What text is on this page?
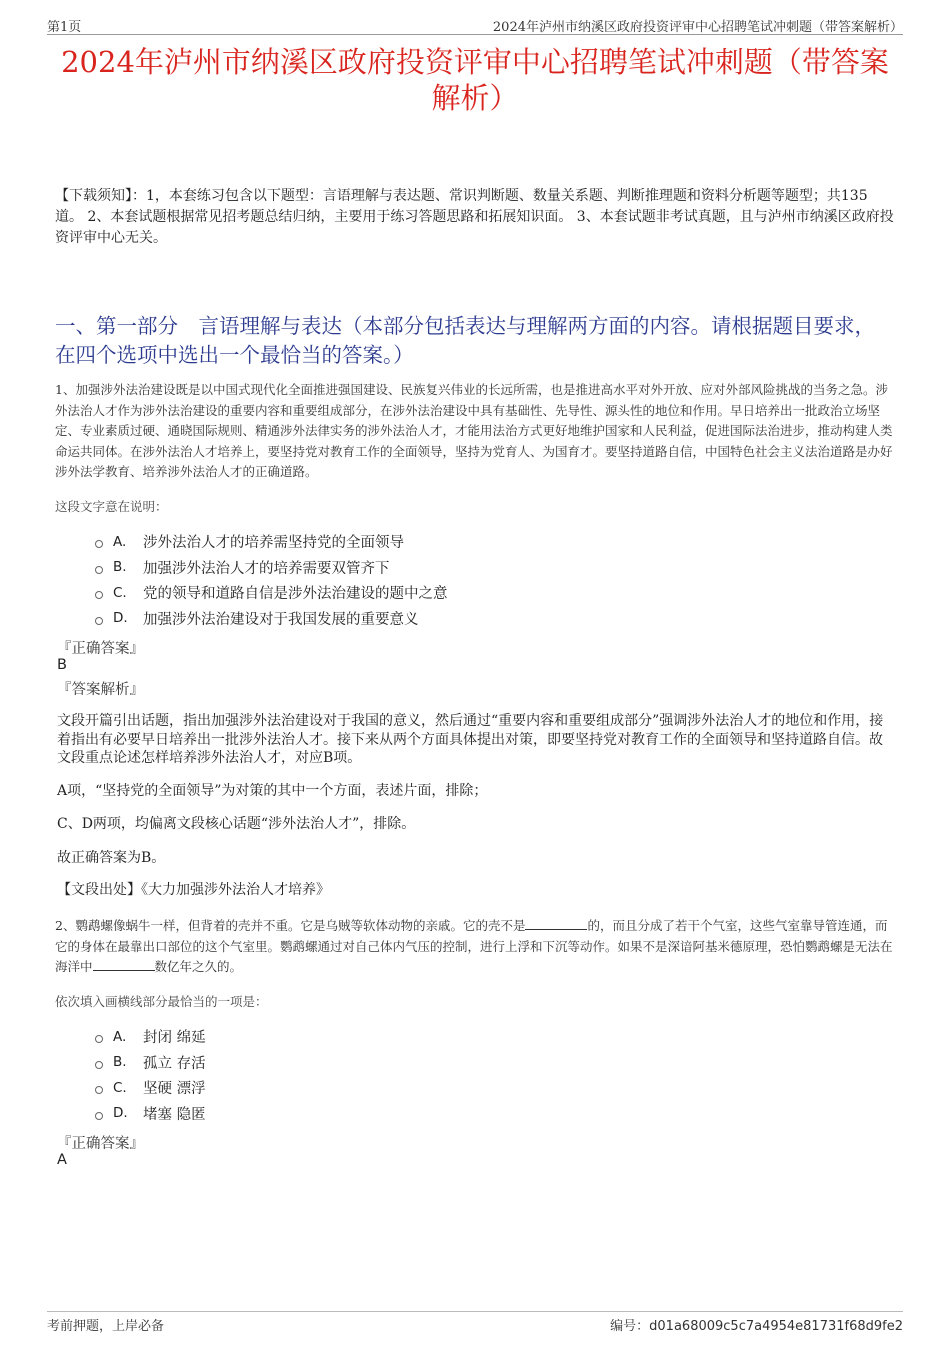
第1页	2024年泸州市纳溪区政府投资评审中心招聘笔试冲刺题（带答案解析）
2024年泸州市纳溪区政府投资评审中心招聘笔试冲刺题（带答案解析）
【下载须知】：1，本套练习包含以下题型：言语理解与表达题、常识判断题、数量关系题、判断推理题和资料分析题等题型；共135道。 2、本套试题根据常见招考题总结归纳，主要用于练习答题思路和拓展知识面。 3、本套试题非考试真题，且与泸州市纳溪区政府投资评审中心无关。
一、第一部分　言语理解与表达（本部分包括表达与理解两方面的内容。请根据题目要求，在四个选项中选出一个最恰当的答案。）
1、加强涉外法治建设既是以中国式现代化全面推进强国建设、民族复兴伟业的长远所需，也是推进高水平对外开放、应对外部风险挑战的当务之急。涉外法治人才作为涉外法治建设的重要内容和重要组成部分，在涉外法治建设中具有基础性、先导性、源头性的地位和作用。早日培养出一批政治立场坚定、专业素质过硬、通晓国际规则、精通涉外法律实务的涉外法治人才，才能用法治方式更好地维护国家和人民利益，促进国际法治进步，推动构建人类命运共同体。在涉外法治人才培养上，要坚持党对教育工作的全面领导，坚持为党育人、为国育才。要坚持道路自信，中国特色社会主义法治道路是办好涉外法学教育、培养涉外法治人才的正确道路。
这段文字意在说明：
A.	涉外法治人才的培养需坚持党的全面领导
B.	加强涉外法治人才的培养需要双管齐下
C.	党的领导和道路自信是涉外法治建设的题中之意
D.	加强涉外法治建设对于我国发展的重要意义
『正确答案』
B
『答案解析』
文段开篇引出话题，指出加强涉外法治建设对于我国的意义，然后通过“重要内容和重要组成部分”强调涉外法治人才的地位和作用，接着指出有必要早日培养出一批涉外法治人才。接下来从两个方面具体提出对策，即要坚持党对教育工作的全面领导和坚持道路自信。故文段重点论述怎样培养涉外法治人才，对应B项。
A项，“坚持党的全面领导”为对策的其中一个方面，表述片面，排除；
C、D两项，均偏离文段核心话题“涉外法治人才”，排除。
故正确答案为B。
【文段出处】《大力加强涉外法治人才培养》
2、鹦鹉螺像蜗牛一样，但背着的壳并不重。它是乌贼等软体动物的亲戚。它的壳不是	的，而且分成了若干个气室，这些气室靠导管连通，而它的身体在最靠出口部位的这个气室里。鹦鹉螺通过对自己体内气压的控制，进行上浮和下沉等动作。如果不是深谙阿基米德原理，恐怕鹦鹉螺是无法在海洋中	数亿年之久的。
依次填入画横线部分最恰当的一项是：
A.	封闭 绵延
B.	孤立 存活
C.	坚硬 漂浮
D.	堵塞 隐匿
『正确答案』
A
考前押题，上岸必备	编号：d01a68009c5c7a4954e81731f68d9fe2
